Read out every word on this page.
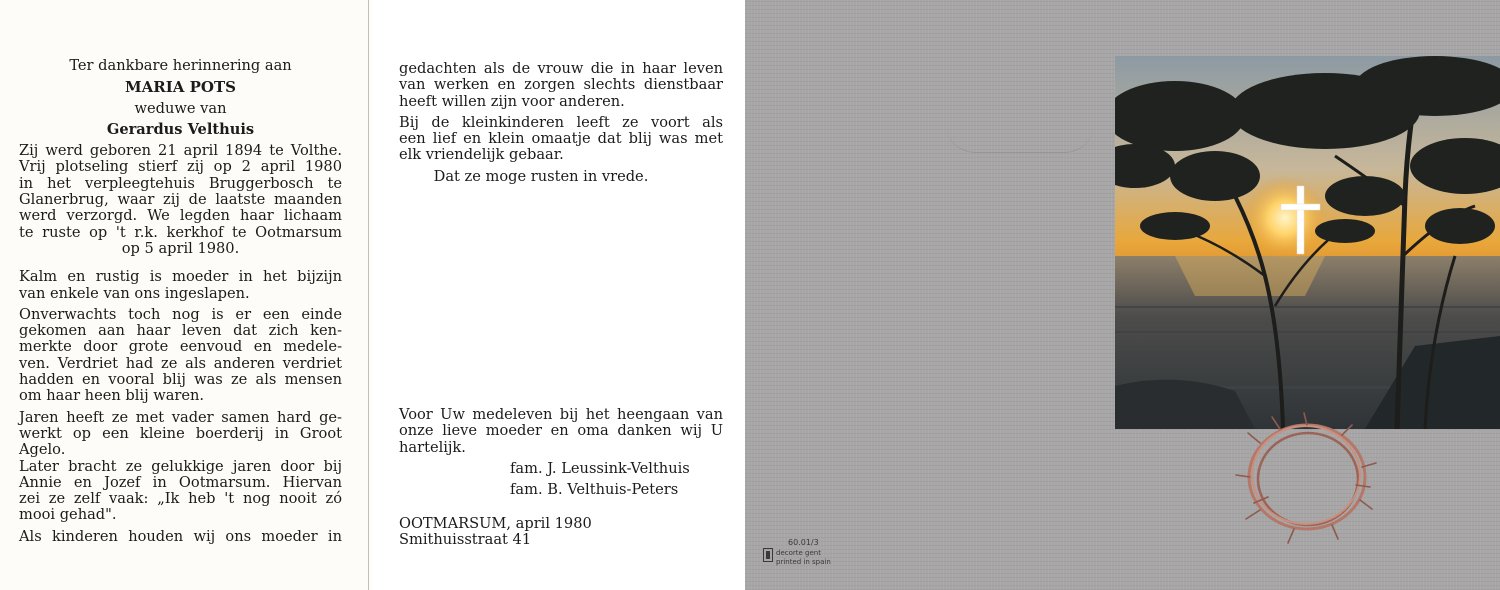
Ter dankbare herinnering aan
MARIA POTS
weduwe van
Gerardus Velthuis
Zij werd geboren 21 april 1894 te Volthe.
Vrij plotseling stierf zij op 2 april 1980
in het verpleegtehuis Bruggerbosch te
Glanerbrug, waar zij de laatste maanden
werd verzorgd. We legden haar lichaam
te ruste op 't r.k. kerkhof te Ootmarsum
op 5 april 1980.
Kalm en rustig is moeder in het bijzijn
van enkele van ons ingeslapen.
Onverwachts toch nog is er een einde
gekomen aan haar leven dat zich ken-
merkte door grote eenvoud en medele-
ven. Verdriet had ze als anderen verdriet
hadden en vooral blij was ze als mensen
om haar heen blij waren.
Jaren heeft ze met vader samen hard ge-
werkt op een kleine boerderij in Groot
Agelo.
Later bracht ze gelukkige jaren door bij
Annie en Jozef in Ootmarsum. Hiervan
zei ze zelf vaak: „Ik heb 't nog nooit zó
mooi gehad".
Als kinderen houden wij ons moeder in
gedachten als de vrouw die in haar leven
van werken en zorgen slechts dienstbaar
heeft willen zijn voor anderen.
Bij de kleinkinderen leeft ze voort als
een lief en klein omaatje dat blij was met
elk vriendelijk gebaar.
Dat ze moge rusten in vrede.
Voor Uw medeleven bij het heengaan van
onze lieve moeder en oma danken wij U
hartelijk.
fam. J. Leussink-Velthuis
fam. B. Velthuis-Peters
OOTMARSUM, april 1980
Smithuisstraat 41	60.01/3
decorte gent
printed in spain
